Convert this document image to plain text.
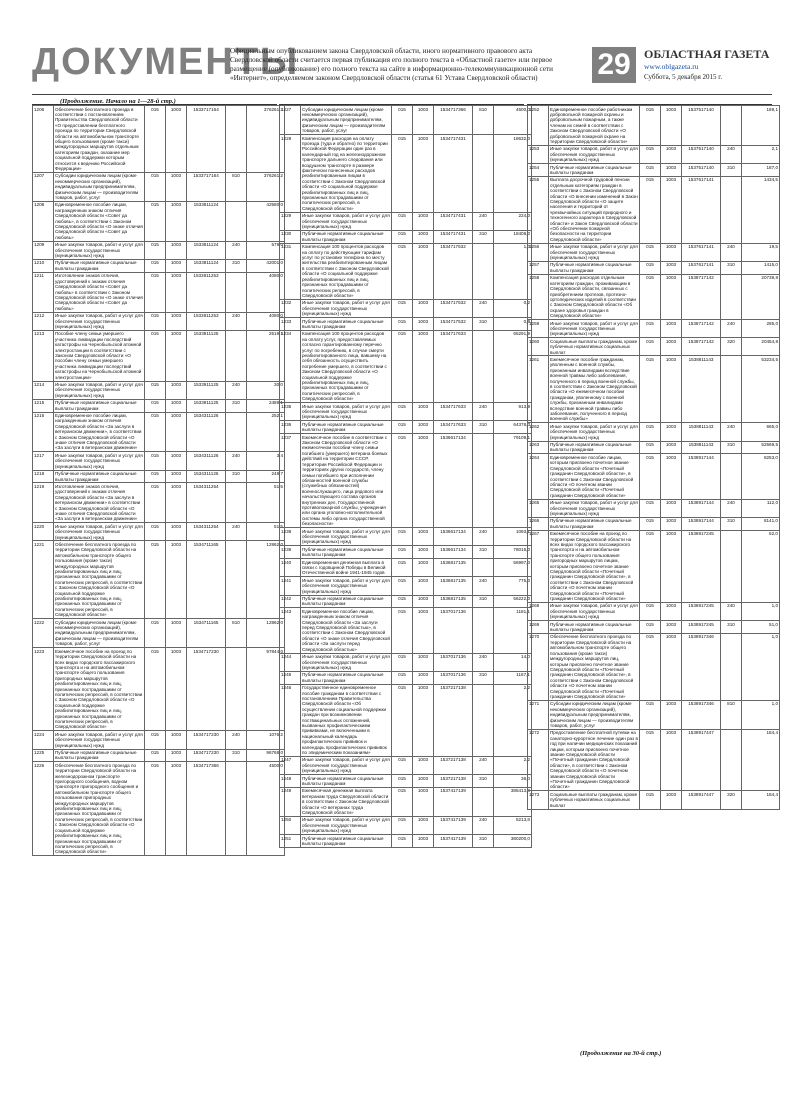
ДОКУМЕНТЫ
Официальным опубликованием закона Свердловской области, иного нормативного правового акта Свердловской области считается первая публикация его полного текста в «Областной газете» или первое размещение (опубликование) его полного текста на сайте в информационно-телекоммуникационной сети «Интернет», определяемом законом Свердловской области (статья 61 Устава Свердловской области)	29	ОБЛАСТНАЯ ГАЗЕТА
www.oblgazeta.ru
Суббота, 5 декабря 2015 г.
(Продолжение. Начало на 1—28-й стр.)
1206	Обеспечение бесплатного проезда в соответствии с постановлением Правительства Свердловской области «О предоставлении бесплатного проезда по территории Свердловской области на автомобильном транспорте общего пользования (кроме такси) междугородных маршрутов отдельным категориям граждан, оказание мер социальной поддержки которым относится к ведению Российской Федерации»	015	1003	1533717164		376261,2
1207	Субсидии юридическим лицам (кроме некоммерческих организаций), индивидуальным предпринимателям, физическим лицам — производителям товаров, работ, услуг	015	1003	1533717164	810	376261,2
1208	Единовременное пособие лицам, награжденным знаком отличия Свердловской области «Совет да любовь», в соответствии с Законом Свердловской области «О знаке отличия Свердловской области «Совет да любовь»	015	1003	1533811124		42580,0
1209	Иные закупки товаров, работ и услуг для обеспечения государственных (муниципальных) нужд	015	1003	1533811124	240	579,0
1210	Публичные нормативные социальные выплаты гражданам	015	1003	1533811124	310	42001,0
1211	Изготовление знаков отличия, удостоверений к знакам отличия Свердловской области «Совет да любовь» в соответствии с Законом Свердловской области «О знаке отличия Свердловской области «Совет да любовь»	015	1003	1533811253		4080,0
1212	Иные закупки товаров, работ и услуг для обеспечения государственных (муниципальных) нужд	015	1003	1533811253	240	4080,0
1213	Пособие члену семьи умершего участника ликвидации последствий катастрофы на Чернобыльской атомной электростанции в соответствии с Законом Свердловской области «О пособии члену семьи умершего участника ликвидации последствий катастрофы на Чернобыльской атомной электростанции»	015	1003	1533911125		2519,1
1214	Иные закупки товаров, работ и услуг для обеспечения государственных (муниципальных) нужд	015	1003	1533911125	240	30,0
1215	Публичные нормативные социальные выплаты гражданам	015	1003	1533911125	310	2489,1
1216	Единовременное пособие лицам, награжденным знаком отличия Свердловской области «За заслуги в ветеранском движении», в соответствии с Законом Свердловской области «О знаке отличия Свердловской области «За заслуги в ветеранском движении»	015	1003	1534311126		252,1
1217	Иные закупки товаров, работ и услуг для обеспечения государственных (муниципальных) нужд	015	1003	1534311126	240	3,4
1218	Публичные нормативные социальные выплаты гражданам	015	1003	1534311126	310	248,7
1219	Изготовление знаков отличия, удостоверений к знакам отличия Свердловской области «За заслуги в ветеранском движении» в соответствии с Законом Свердловской области «О знаке отличия Свердловской области «За заслуги в ветеранском движении»	015	1003	1534311254		51,5
1220	Иные закупки товаров, работ и услуг для обеспечения государственных (муниципальных) нужд	015	1003	1534311254	240	51,5
1221	Обеспечение бесплатного проезда по территории Свердловской области на автомобильном транспорте общего пользования (кроме такси) междугородных маршрутов реабилитированных лиц и лиц, признанных пострадавшими от политических репрессий, в соответствии с Законом Свердловской области «О социальной поддержке реабилитированных лиц и лиц, признанных пострадавшими от политических репрессий, в Свердловской области»	015	1003	1534711165		12862,0
1222	Субсидии юридическим лицам (кроме некоммерческих организаций), индивидуальным предпринимателям, физическим лицам — производителям товаров, работ, услуг	015	1003	1534711165	810	12862,0
1223	Ежемесячное пособие на проезд по территории Свердловской области на всех видах городского пассажирского транспорта и на автомобильном транспорте общего пользования пригородных маршрутов реабилитированных лиц и лиц, признанных пострадавшими от политических репрессий, в соответствии с Законом Свердловской области «О социальной поддержке реабилитированных лиц и лиц, признанных пострадавшими от политических репрессий, в Свердловской области»	015	1003	1534717230		97844,0
1224	Иные закупки товаров, работ и услуг для обеспечения государственных (муниципальных) нужд	015	1003	1534717230	240	1076,2
1225	Публичные нормативные социальные выплаты гражданам	015	1003	1534717230	310	96768,0
1226	Обеспечение бесплатного проезда по территории Свердловской области на железнодорожном транспорте пригородного сообщения, водном транспорте пригородного сообщения и автомобильном транспорте общего пользования пригородных междугородных маршрутов реабилитированных лиц и лиц, признанных пострадавшими от политических репрессий, в соответствии с Законом Свердловской области «О социальной поддержке реабилитированных лиц и лиц, признанных пострадавшими от политических репрессий, в Свердловской области»	015	1003	1534717366		4500,0
1227	Субсидии юридическим лицам (кроме некоммерческих организаций), индивидуальным предпринимателям, физическим лицам — производителям товаров, работ, услуг	015	1003	1534717366	810	4500,0
1228	Компенсация расходов на оплату проезда (туда и обратно) по территории Российской Федерации один раз в календарный год на железнодорожном транспорте дальнего следования или воздушном транспорте в размере фактически понесенных расходов реабилитированным лицам в соответствии с Законом Свердловской области «О социальной поддержке реабилитированных лиц и лиц, признанных пострадавшими от политических репрессий, в Свердловской области»	015	1003	1534717431		18632,0
1229	Иные закупки товаров, работ и услуг для обеспечения государственных (муниципальных) нужд	015	1003	1534717431	240	224,0
1230	Публичные нормативные социальные выплаты гражданам	015	1003	1534717431	310	18408,0
1231	Компенсация 100 процентов расходов на оплату по действующим тарифам услуг по установке телефона по месту жительства реабилитированным лицам в соответствии с Законом Свердловской области «О социальной поддержке реабилитированных лиц и лиц, признанных пострадавшими от политических репрессий, в Свердловской области»	015	1003	1534717532		1,0
1232	Иные закупки товаров, работ и услуг для обеспечения государственных (муниципальных) нужд	015	1003	1534717532	240	0,2
1233	Публичные нормативные социальные выплаты гражданам	015	1003	1534717532	310	0,8
1234	Компенсация 100 процентов расходов на оплату услуг, предоставляемых согласно гарантированному перечню услуг по погребению, в случае смерти реабилитированного лица, вавшему на себя обязанность осуществить погребение умершего, в соответствии с Законом Свердловской области «О социальной поддержке реабилитированных лиц и лиц, признанных пострадавшими от политических репрессий, в Свердловской области»	015	1003	1534717633		65291,9
1235	Иные закупки товаров, работ и услуг для обеспечения государственных (муниципальных) нужд	015	1003	1534717633	240	913,9
1236	Публичные нормативные социальные выплаты гражданам	015	1003	1534717633	310	64378,0
1237	Ежемесячное пособие в соответствии с Законом Свердловской области «О ежемесячном пособии члену семьи погибшего (умершего) ветерана боевых действий на территории СССР, территории Российской Федерации и территориях других государств, члену семьи погибшего при исполнении обязанностей военной службы (служебных обязанностей) военнослужащего, лица рядового или начальствующего состава органов внутренних дел, Государственной противопожарной службы, учреждения или органа уголовно-исполнительной системы либо органа государственной безопасности»	015	1003	1536617134		79109,1
1238	Иные закупки товаров, работ и услуг для обеспечения государственных (муниципальных) нужд	015	1003	1536617134	240	1093,1
1239	Публичные нормативные социальные выплаты гражданам	015	1003	1536617134	310	78016,0
1240	Единовременная денежная выплата в связи с годовщиной Победы в Великой Отечественной войне 1941-1945 годов	015	1003	1536817135		56997,0
1241	Иные закупки товаров, работ и услуг для обеспечения государственных (муниципальных) нужд	015	1003	1536817135	240	775,0
1242	Публичные нормативные социальные выплаты гражданам	015	1003	1536817135	310	56222,0
1243	Единовременное пособие лицам, награжденным знаком отличия Свердловской области «За заслуги перед Свердловской областью», в соответствии с Законом Свердловской области «О знаке отличия Свердловской области «За заслуги перед Свердловской областью»	015	1003	1537017136		1181,1
1244	Иные закупки товаров, работ и услуг для обеспечения государственных (муниципальных) нужд	015	1003	1537017136	240	14,0
1245	Публичные нормативные социальные выплаты гражданам	015	1003	1537017136	310	1167,1
1246	Государственное единовременное пособие гражданам в соответствии с постановлением Правительства Свердловской области «Об осуществлении социальной поддержки граждан при возникновении поствакцинальных осложнений, вызванных профилактическими прививками, не включенными в национальный календарь профилактических прививок и календарь профилактических прививок по эпидемическим показаниям»	015	1003	1537217138		2,2
1247	Иные закупки товаров, работ и услуг для обеспечения государственных (муниципальных) нужд	015	1003	1537217138	240	2,2
1248	Публичные нормативные социальные выплаты гражданам	015	1003	1537217138	310	36,0
1249	Ежемесячная денежная выплата ветеранам труда Свердловской области в соответствии с Законом Свердловской области «О ветеранах труда Свердловской области»	015	1003	1537417139		385413,8
1250	Иные закупки товаров, работ и услуг для обеспечения государственных (муниципальных) нужд	015	1003	1537417139	240	5213,8
1251	Публичные нормативные социальные выплаты гражданам	015	1003	1537417139	310	380200,0
1252	Единовременное пособие работникам добровольной пожарной охраны и добровольным пожарным, а также членам их семей в соответствии с Законом Свердловской области «О добровольной пожарной охране на территории Свердловской области»	015	1003	1537517140		189,1
1253	Иные закупки товаров, работ и услуг для обеспечения государственных (муниципальных) нужд	015	1003	1537517140	240	2,1
1254	Публичные нормативные социальные выплаты гражданам	015	1003	1537517140	310	187,0
1255	Выплата досрочной трудовой пенсии отдельным категориям граждан в соответствии с Законом Свердловской области «О внесении изменений в Закон Свердловской области «О защите населения и территорий от чрезвычайных ситуаций природного и техногенного характера в Свердловской области» и Закон Свердловской области «Об обеспечении пожарной безопасности на территории Свердловской области»	015	1003	1537617141		1434,5
1256	Иные закупки товаров, работ и услуг для обеспечения государственных (муниципальных) нужд	015	1003	1537617141	240	19,5
1257	Публичные нормативные социальные выплаты гражданам	015	1003	1537617141	310	1415,0
1258	Компенсация расходов отдельным категориям граждан, проживающим в Свердловской области, связанных с приобретением протезов, протезно-ортопедических изделий в соответствии с Законом Свердловской области «Об охране здоровья граждан в Свердловской области»	015	1003	1538717142		20739,8
1259	Иные закупки товаров, работ и услуг для обеспечения государственных (муниципальных) нужд	015	1003	1538717142	240	285,0
1260	Социальные выплаты гражданам, кроме публичных нормативных социальных выплат	015	1003	1538717142	320	20454,8
1261	Ежемесячное пособие гражданам, уволенным с военной службы, признанным инвалидами вследствие военной травмы либо заболевания, полученного в период военной службы, в соответствии с Законом Свердловской области «О ежемесячном пособии гражданам, уволенному с военной службы, признанным инвалидами вследствие военной травмы либо заболевания, полученного в период военной службы»	015	1003	1538811143		53234,5
1262	Иные закупки товаров, работ и услуг для обеспечения государственных (муниципальных) нужд	015	1003	1538811143	240	665,0
1263	Публичные нормативные социальные выплаты гражданам	015	1003	1538811143	310	52569,5
1264	Единовременное пособие лицам, которым присвоено почетное звание Свердловской области «Почетный гражданин Свердловской области», в соответствии с Законом Свердловской области «О почетном звании Свердловской области «Почетный гражданин Свердловской области»	015	1003	1538917144		8253,0
1265	Иные закупки товаров, работ и услуг для обеспечения государственных (муниципальных) нужд	015	1003	1538917144	240	112,0
1266	Публичные нормативные социальные выплаты гражданам	015	1003	1538917144	310	8141,0
1267	Ежемесячное пособие на проезд по территории Свердловской области на всех видах городского пассажирского транспорта и на автомобильном транспорте общего пользования пригородных маршрутов лицам, которым присвоено почетное звание Свердловской области «Почетный гражданин Свердловской области», в соответствии с Законом Свердловской области «О почетном звании Свердловской области «Почетный гражданин Свердловской области»	015	1003	1538917245		52,0
1268	Иные закупки товаров, работ и услуг для обеспечения государственных (муниципальных) нужд	015	1003	1538917245	240	1,0
1269	Публичные нормативные социальные выплаты гражданам	015	1003	1538917245	310	51,0
1270	Обеспечение бесплатного проезда по территории Свердловской области на автомобильном транспорте общего пользования (кроме такси) междугородных маршрутов лиц, которым присвоено почетное звание Свердловской области «Почетный гражданин Свердловской области», в соответствии с Законом Свердловской области «О почетном звании Свердловской области «Почетный гражданин Свердловской области»	015	1003	1538917346		1,0
1271	Субсидии юридическим лицам (кроме некоммерческих организаций), индивидуальным предпринимателям, физическим лицам — производителям товаров, работ, услуг	015	1003	1538917346	810	1,0
1272	Предоставление бесплатной путевки на санаторно-курортное лечение один раз в год при наличии медицинских показаний лицам, которым присвоено почетное звание Свердловской области «Почетный гражданин Свердловской области», в соответствии с Законом Свердловской области «О почетном звании Свердловской области «Почетный гражданин Свердловской области»	015	1003	1538917447		184,4
1273	Социальные выплаты гражданам, кроме публичных нормативных социальных выплат	015	1003	1538917447	320	184,4
(Продолжение на 30-й стр.)
